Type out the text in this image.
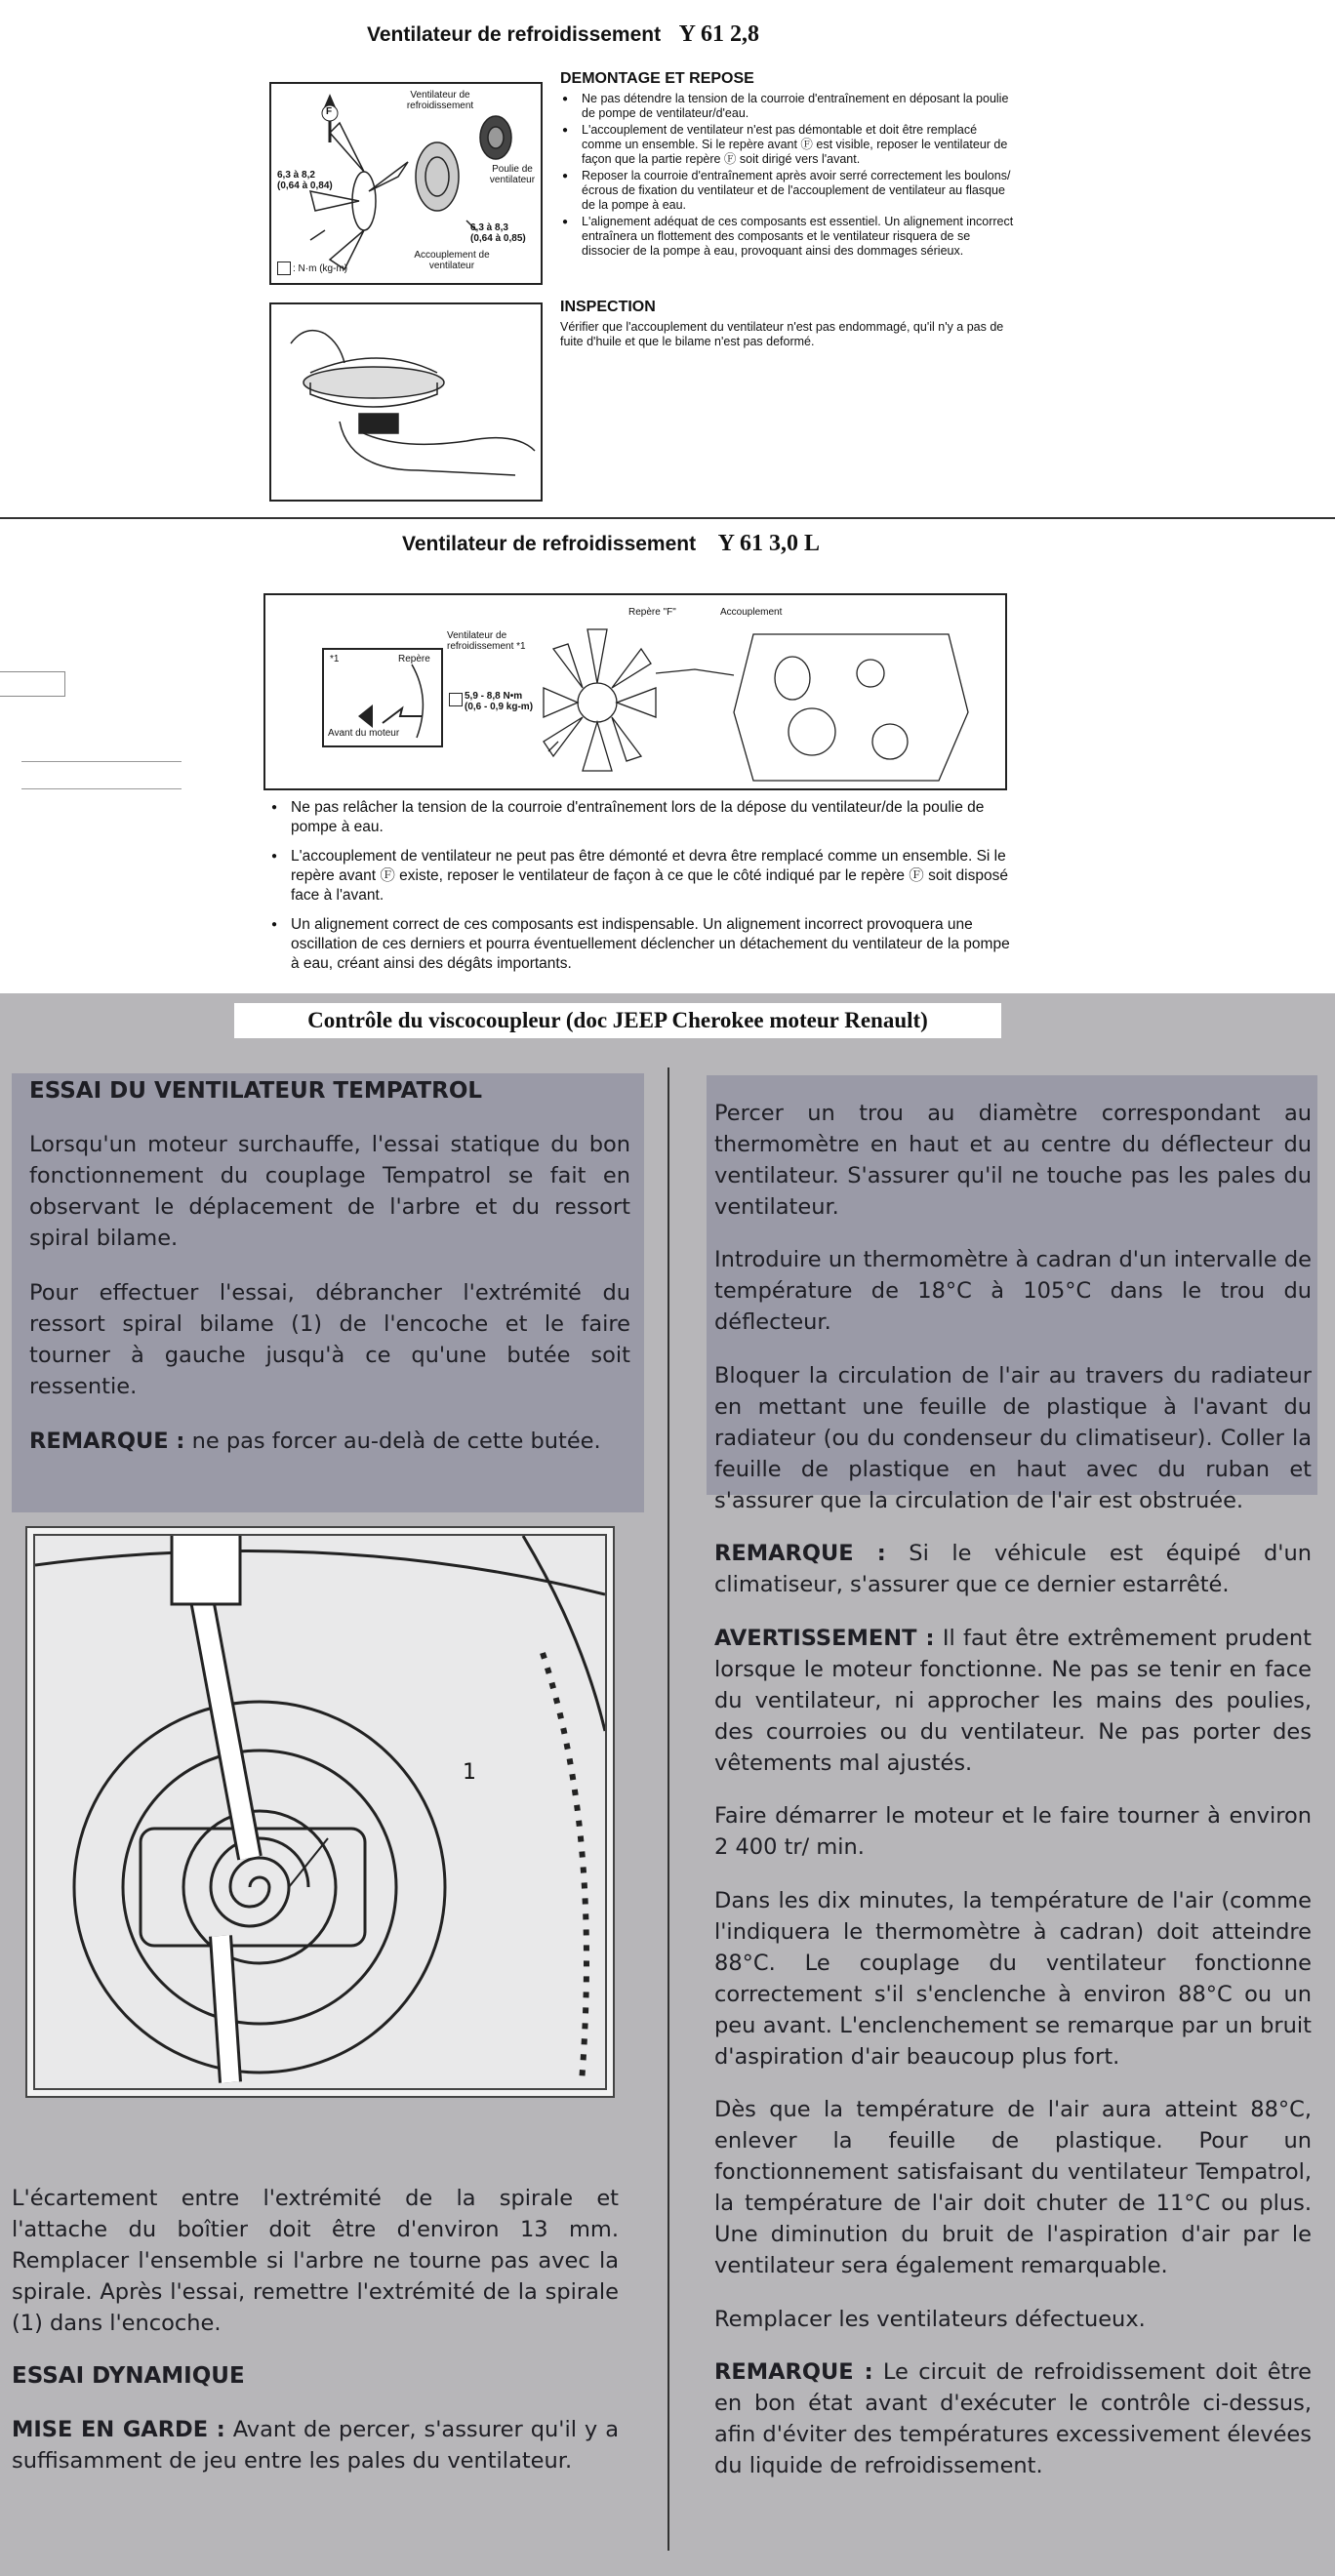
Ventilateur de refroidissement Y 61 2,8
F
Ventilateur de refroidissement
6,3 à 8,2
(0,64 à 0,84)
Poulie de ventilateur
6,3 à 8,3
(0,64 à 0,85)
Accouplement de ventilateur
: N·m (kg-m)
DEMONTAGE ET REPOSE
● Ne pas détendre la tension de la courroie d'entraînement en déposant la poulie de pompe de ventilateur/d'eau.
● L'accouplement de ventilateur n'est pas démontable et doit être remplacé comme un ensemble. Si le repère avant Ⓕ est visible, reposer le ventilateur de façon que la partie repère Ⓕ soit dirigé vers l'avant.
● Reposer la courroie d'entraînement après avoir serré correctement les boulons/écrous de fixation du ventilateur et de l'accouplement de ventilateur au flasque de la pompe à eau.
● L'alignement adéquat de ces composants est essentiel. Un alignement incorrect entraînera un flottement des composants et le ventilateur risquera de se dissocier de la pompe à eau, provoquant ainsi des dommages sérieux.
INSPECTION
Vérifier que l'accouplement du ventilateur n'est pas endommagé, qu'il n'y a pas de fuite d'huile et que le bilame n'est pas deformé.
Ventilateur de refroidissement Y 61 3,0 L
*1	Repère
Avant du moteur
Ventilateur de refroidissement *1
5,9 - 8,8 N•m
(0,6 - 0,9 kg-m)
Repère "F"	Accouplement
● Ne pas relâcher la tension de la courroie d'entraînement lors de la dépose du ventilateur/de la poulie de pompe à eau.
● L'accouplement de ventilateur ne peut pas être démonté et devra être remplacé comme un ensemble. Si le repère avant Ⓕ existe, reposer le ventilateur de façon à ce que le côté indiqué par le repère Ⓕ soit disposé face à l'avant.
● Un alignement correct de ces composants est indispensable. Un alignement incorrect provoquera une oscillation de ces derniers et pourra éventuellement déclencher un détachement du ventilateur de la pompe à eau, créant ainsi des dégâts importants.
Contrôle du viscocoupleur (doc JEEP Cherokee moteur Renault)

ESSAI DU VENTILATEUR TEMPATROL

Lorsqu'un moteur surchauffe, l'essai statique du bon fonctionnement du couplage Tempatrol se fait en observant le déplacement de l'arbre et du ressort spiral bilame.

Pour effectuer l'essai, débrancher l'extrémité du ressort spiral bilame (1) de l'encoche et le faire tourner à gauche jusqu'à ce qu'une butée soit ressentie.

REMARQUE : ne pas forcer au-delà de cette butée.

1

L'écartement entre l'extrémité de la spirale et l'attache du boîtier doit être d'environ 13 mm. Remplacer l'ensemble si l'arbre ne tourne pas avec la spirale. Après l'essai, remettre l'extrémité de la spirale (1) dans l'encoche.

ESSAI DYNAMIQUE

MISE EN GARDE : Avant de percer, s'assurer qu'il y a suffisamment de jeu entre les pales du ventilateur.

Percer un trou au diamètre correspondant au thermomètre en haut et au centre du déflecteur du ventilateur. S'assurer qu'il ne touche pas les pales du ventilateur.

Introduire un thermomètre à cadran d'un intervalle de température de 18°C à 105°C dans le trou du déflecteur.

Bloquer la circulation de l'air au travers du radiateur en mettant une feuille de plastique à l'avant du radiateur (ou du condenseur du climatiseur). Coller la feuille de plastique en haut avec du ruban et s'assurer que la circulation de l'air est obstruée.

REMARQUE : Si le véhicule est équipé d'un climatiseur, s'assurer que ce dernier estarrêté.

AVERTISSEMENT : Il faut être extrêmement prudent lorsque le moteur fonctionne. Ne pas se tenir en face du ventilateur, ni approcher les mains des poulies, des courroies ou du ventilateur. Ne pas porter des vêtements mal ajustés.

Faire démarrer le moteur et le faire tourner à environ 2 400 tr/ min.

Dans les dix minutes, la température de l'air (comme l'indiquera le thermomètre à cadran) doit atteindre 88°C. Le couplage du ventilateur fonctionne correctement s'il s'enclenche à environ 88°C ou un peu avant. L'enclenchement se remarque par un bruit d'aspiration d'air beaucoup plus fort.

Dès que la température de l'air aura atteint 88°C, enlever la feuille de plastique. Pour un fonctionnement satisfaisant du ventilateur Tempatrol, la température de l'air doit chuter de 11°C ou plus. Une diminution du bruit de l'aspiration d'air par le ventilateur sera également remarquable.

Remplacer les ventilateurs défectueux.

REMARQUE : Le circuit de refroidissement doit être en bon état avant d'exécuter le contrôle ci-dessus, afin d'éviter des températures excessivement élevées du liquide de refroidissement.
